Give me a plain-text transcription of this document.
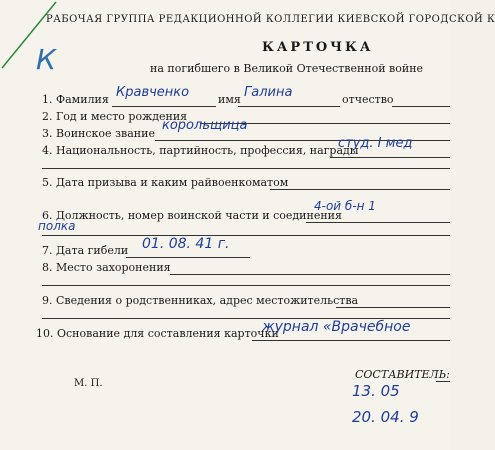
РАБОЧАЯ ГРУППА РЕДАКЦИОННОЙ КОЛЛЕГИИ КИЕВСКОЙ ГОРОДСКОЙ К
КАРТОЧКА
на погибшего в Великой Отечественной войне
К
1. Фамилия Кравченко	имя Галина	отчество
2. Год и место рождения
3. Воинское звание
корольщица
4. Национальность, партийность, профессия, награды
студ. І мед
5. Дата призыва и каким райвоенкоматом
6. Должность, номер воинской части и соединения
4-ой б-н 1
полка
7. Дата гибели 01. 08. 41 г.
8. Место захоронения
9. Сведения о родственниках, адрес местожительства
10. Основание для составления карточки
журнал «Врачебное
М. П.
СОСТАВИТЕЛЬ:
13. 05
20. 04. 9
